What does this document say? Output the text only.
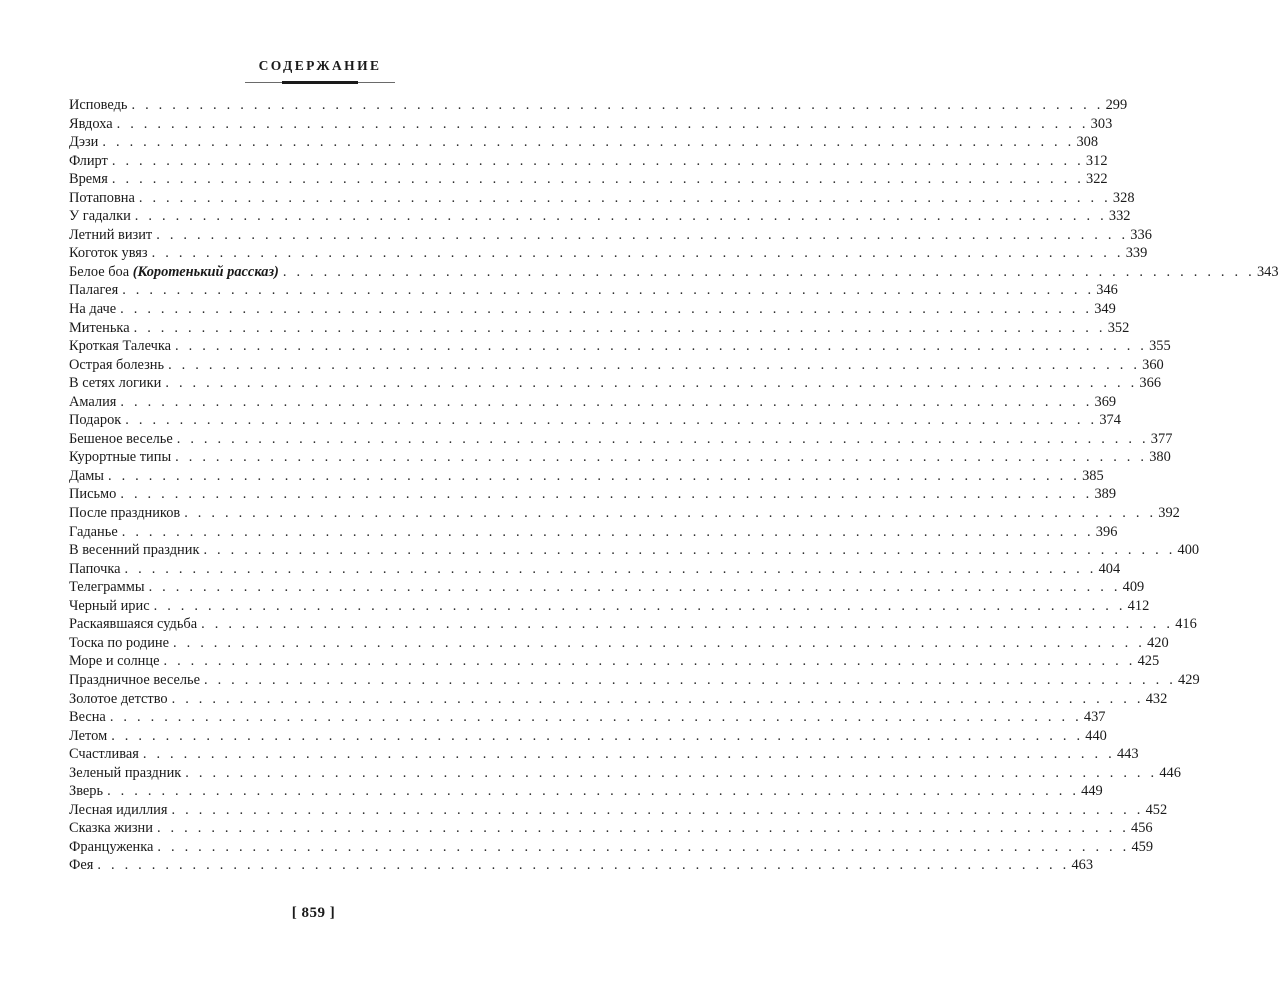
СОДЕРЖАНИЕ
Исповедь . . . . . . . . . . . . . . . . . . . . . . . . . . . . . . . . . . . . . . . . . . . . . . . . . . . . . . . . . . . . . . . . . . . . . . . . 299
Явдоха . . . . . . . . . . . . . . . . . . . . . . . . . . . . . . . . . . . . . . . . . . . . . . . . . . . . . . . . . . . . . . . . . . . . . . . . 303
Дэзи . . . . . . . . . . . . . . . . . . . . . . . . . . . . . . . . . . . . . . . . . . . . . . . . . . . . . . . . . . . . . . . . . . . . . . . . 308
Флирт . . . . . . . . . . . . . . . . . . . . . . . . . . . . . . . . . . . . . . . . . . . . . . . . . . . . . . . . . . . . . . . . . . . . . . . . 312
Время . . . . . . . . . . . . . . . . . . . . . . . . . . . . . . . . . . . . . . . . . . . . . . . . . . . . . . . . . . . . . . . . . . . . . . . . 322
Потаповна . . . . . . . . . . . . . . . . . . . . . . . . . . . . . . . . . . . . . . . . . . . . . . . . . . . . . . . . . . . . . . . . . . . . . . . . 328
У гадалки . . . . . . . . . . . . . . . . . . . . . . . . . . . . . . . . . . . . . . . . . . . . . . . . . . . . . . . . . . . . . . . . . . . . . . . . 332
Летний визит . . . . . . . . . . . . . . . . . . . . . . . . . . . . . . . . . . . . . . . . . . . . . . . . . . . . . . . . . . . . . . . . . . . . . . . . 336
Коготок увяз . . . . . . . . . . . . . . . . . . . . . . . . . . . . . . . . . . . . . . . . . . . . . . . . . . . . . . . . . . . . . . . . . . . . . . . . 339
Белое боа (Коротенький рассказ) . . . . . . . . . . . . . . . . . . . . . . . . . . . . . . . . . . . . . . . . . . . . . . . . . . . . . . . . . . . . . . . . . . . . . . . . 343
Палагея . . . . . . . . . . . . . . . . . . . . . . . . . . . . . . . . . . . . . . . . . . . . . . . . . . . . . . . . . . . . . . . . . . . . . . . . 346
На даче . . . . . . . . . . . . . . . . . . . . . . . . . . . . . . . . . . . . . . . . . . . . . . . . . . . . . . . . . . . . . . . . . . . . . . . . 349
Митенька . . . . . . . . . . . . . . . . . . . . . . . . . . . . . . . . . . . . . . . . . . . . . . . . . . . . . . . . . . . . . . . . . . . . . . . . 352
Кроткая Талечка . . . . . . . . . . . . . . . . . . . . . . . . . . . . . . . . . . . . . . . . . . . . . . . . . . . . . . . . . . . . . . . . . . . . . . . . 355
Острая болезнь . . . . . . . . . . . . . . . . . . . . . . . . . . . . . . . . . . . . . . . . . . . . . . . . . . . . . . . . . . . . . . . . . . . . . . . . 360
В сетях логики . . . . . . . . . . . . . . . . . . . . . . . . . . . . . . . . . . . . . . . . . . . . . . . . . . . . . . . . . . . . . . . . . . . . . . . . 366
Амалия . . . . . . . . . . . . . . . . . . . . . . . . . . . . . . . . . . . . . . . . . . . . . . . . . . . . . . . . . . . . . . . . . . . . . . . . 369
Подарок . . . . . . . . . . . . . . . . . . . . . . . . . . . . . . . . . . . . . . . . . . . . . . . . . . . . . . . . . . . . . . . . . . . . . . . . 374
Бешеное веселье . . . . . . . . . . . . . . . . . . . . . . . . . . . . . . . . . . . . . . . . . . . . . . . . . . . . . . . . . . . . . . . . . . . . . . . . 377
Курортные типы . . . . . . . . . . . . . . . . . . . . . . . . . . . . . . . . . . . . . . . . . . . . . . . . . . . . . . . . . . . . . . . . . . . . . . . . 380
Дамы . . . . . . . . . . . . . . . . . . . . . . . . . . . . . . . . . . . . . . . . . . . . . . . . . . . . . . . . . . . . . . . . . . . . . . . . 385
Письмо . . . . . . . . . . . . . . . . . . . . . . . . . . . . . . . . . . . . . . . . . . . . . . . . . . . . . . . . . . . . . . . . . . . . . . . . 389
После праздников . . . . . . . . . . . . . . . . . . . . . . . . . . . . . . . . . . . . . . . . . . . . . . . . . . . . . . . . . . . . . . . . . . . . . . . . 392
Гаданье . . . . . . . . . . . . . . . . . . . . . . . . . . . . . . . . . . . . . . . . . . . . . . . . . . . . . . . . . . . . . . . . . . . . . . . . 396
В весенний праздник . . . . . . . . . . . . . . . . . . . . . . . . . . . . . . . . . . . . . . . . . . . . . . . . . . . . . . . . . . . . . . . . . . . . . . . . 400
Папочка . . . . . . . . . . . . . . . . . . . . . . . . . . . . . . . . . . . . . . . . . . . . . . . . . . . . . . . . . . . . . . . . . . . . . . . . 404
Телеграммы . . . . . . . . . . . . . . . . . . . . . . . . . . . . . . . . . . . . . . . . . . . . . . . . . . . . . . . . . . . . . . . . . . . . . . . . 409
Черный ирис . . . . . . . . . . . . . . . . . . . . . . . . . . . . . . . . . . . . . . . . . . . . . . . . . . . . . . . . . . . . . . . . . . . . . . . . 412
Раскаявшаяся судьба . . . . . . . . . . . . . . . . . . . . . . . . . . . . . . . . . . . . . . . . . . . . . . . . . . . . . . . . . . . . . . . . . . . . . . . . 416
Тоска по родине . . . . . . . . . . . . . . . . . . . . . . . . . . . . . . . . . . . . . . . . . . . . . . . . . . . . . . . . . . . . . . . . . . . . . . . . 420
Море и солнце . . . . . . . . . . . . . . . . . . . . . . . . . . . . . . . . . . . . . . . . . . . . . . . . . . . . . . . . . . . . . . . . . . . . . . . . 425
Праздничное веселье . . . . . . . . . . . . . . . . . . . . . . . . . . . . . . . . . . . . . . . . . . . . . . . . . . . . . . . . . . . . . . . . . . . . . . . . 429
Золотое детство . . . . . . . . . . . . . . . . . . . . . . . . . . . . . . . . . . . . . . . . . . . . . . . . . . . . . . . . . . . . . . . . . . . . . . . . 432
Весна . . . . . . . . . . . . . . . . . . . . . . . . . . . . . . . . . . . . . . . . . . . . . . . . . . . . . . . . . . . . . . . . . . . . . . . . 437
Летом . . . . . . . . . . . . . . . . . . . . . . . . . . . . . . . . . . . . . . . . . . . . . . . . . . . . . . . . . . . . . . . . . . . . . . . . 440
Счастливая . . . . . . . . . . . . . . . . . . . . . . . . . . . . . . . . . . . . . . . . . . . . . . . . . . . . . . . . . . . . . . . . . . . . . . . . 443
Зеленый праздник . . . . . . . . . . . . . . . . . . . . . . . . . . . . . . . . . . . . . . . . . . . . . . . . . . . . . . . . . . . . . . . . . . . . . . . . 446
Зверь . . . . . . . . . . . . . . . . . . . . . . . . . . . . . . . . . . . . . . . . . . . . . . . . . . . . . . . . . . . . . . . . . . . . . . . . 449
Лесная идиллия . . . . . . . . . . . . . . . . . . . . . . . . . . . . . . . . . . . . . . . . . . . . . . . . . . . . . . . . . . . . . . . . . . . . . . . . 452
Сказка жизни . . . . . . . . . . . . . . . . . . . . . . . . . . . . . . . . . . . . . . . . . . . . . . . . . . . . . . . . . . . . . . . . . . . . . . . . 456
Француженка . . . . . . . . . . . . . . . . . . . . . . . . . . . . . . . . . . . . . . . . . . . . . . . . . . . . . . . . . . . . . . . . . . . . . . . . 459
Фея . . . . . . . . . . . . . . . . . . . . . . . . . . . . . . . . . . . . . . . . . . . . . . . . . . . . . . . . . . . . . . . . . . . . . . . . 463
[ 859 ]
